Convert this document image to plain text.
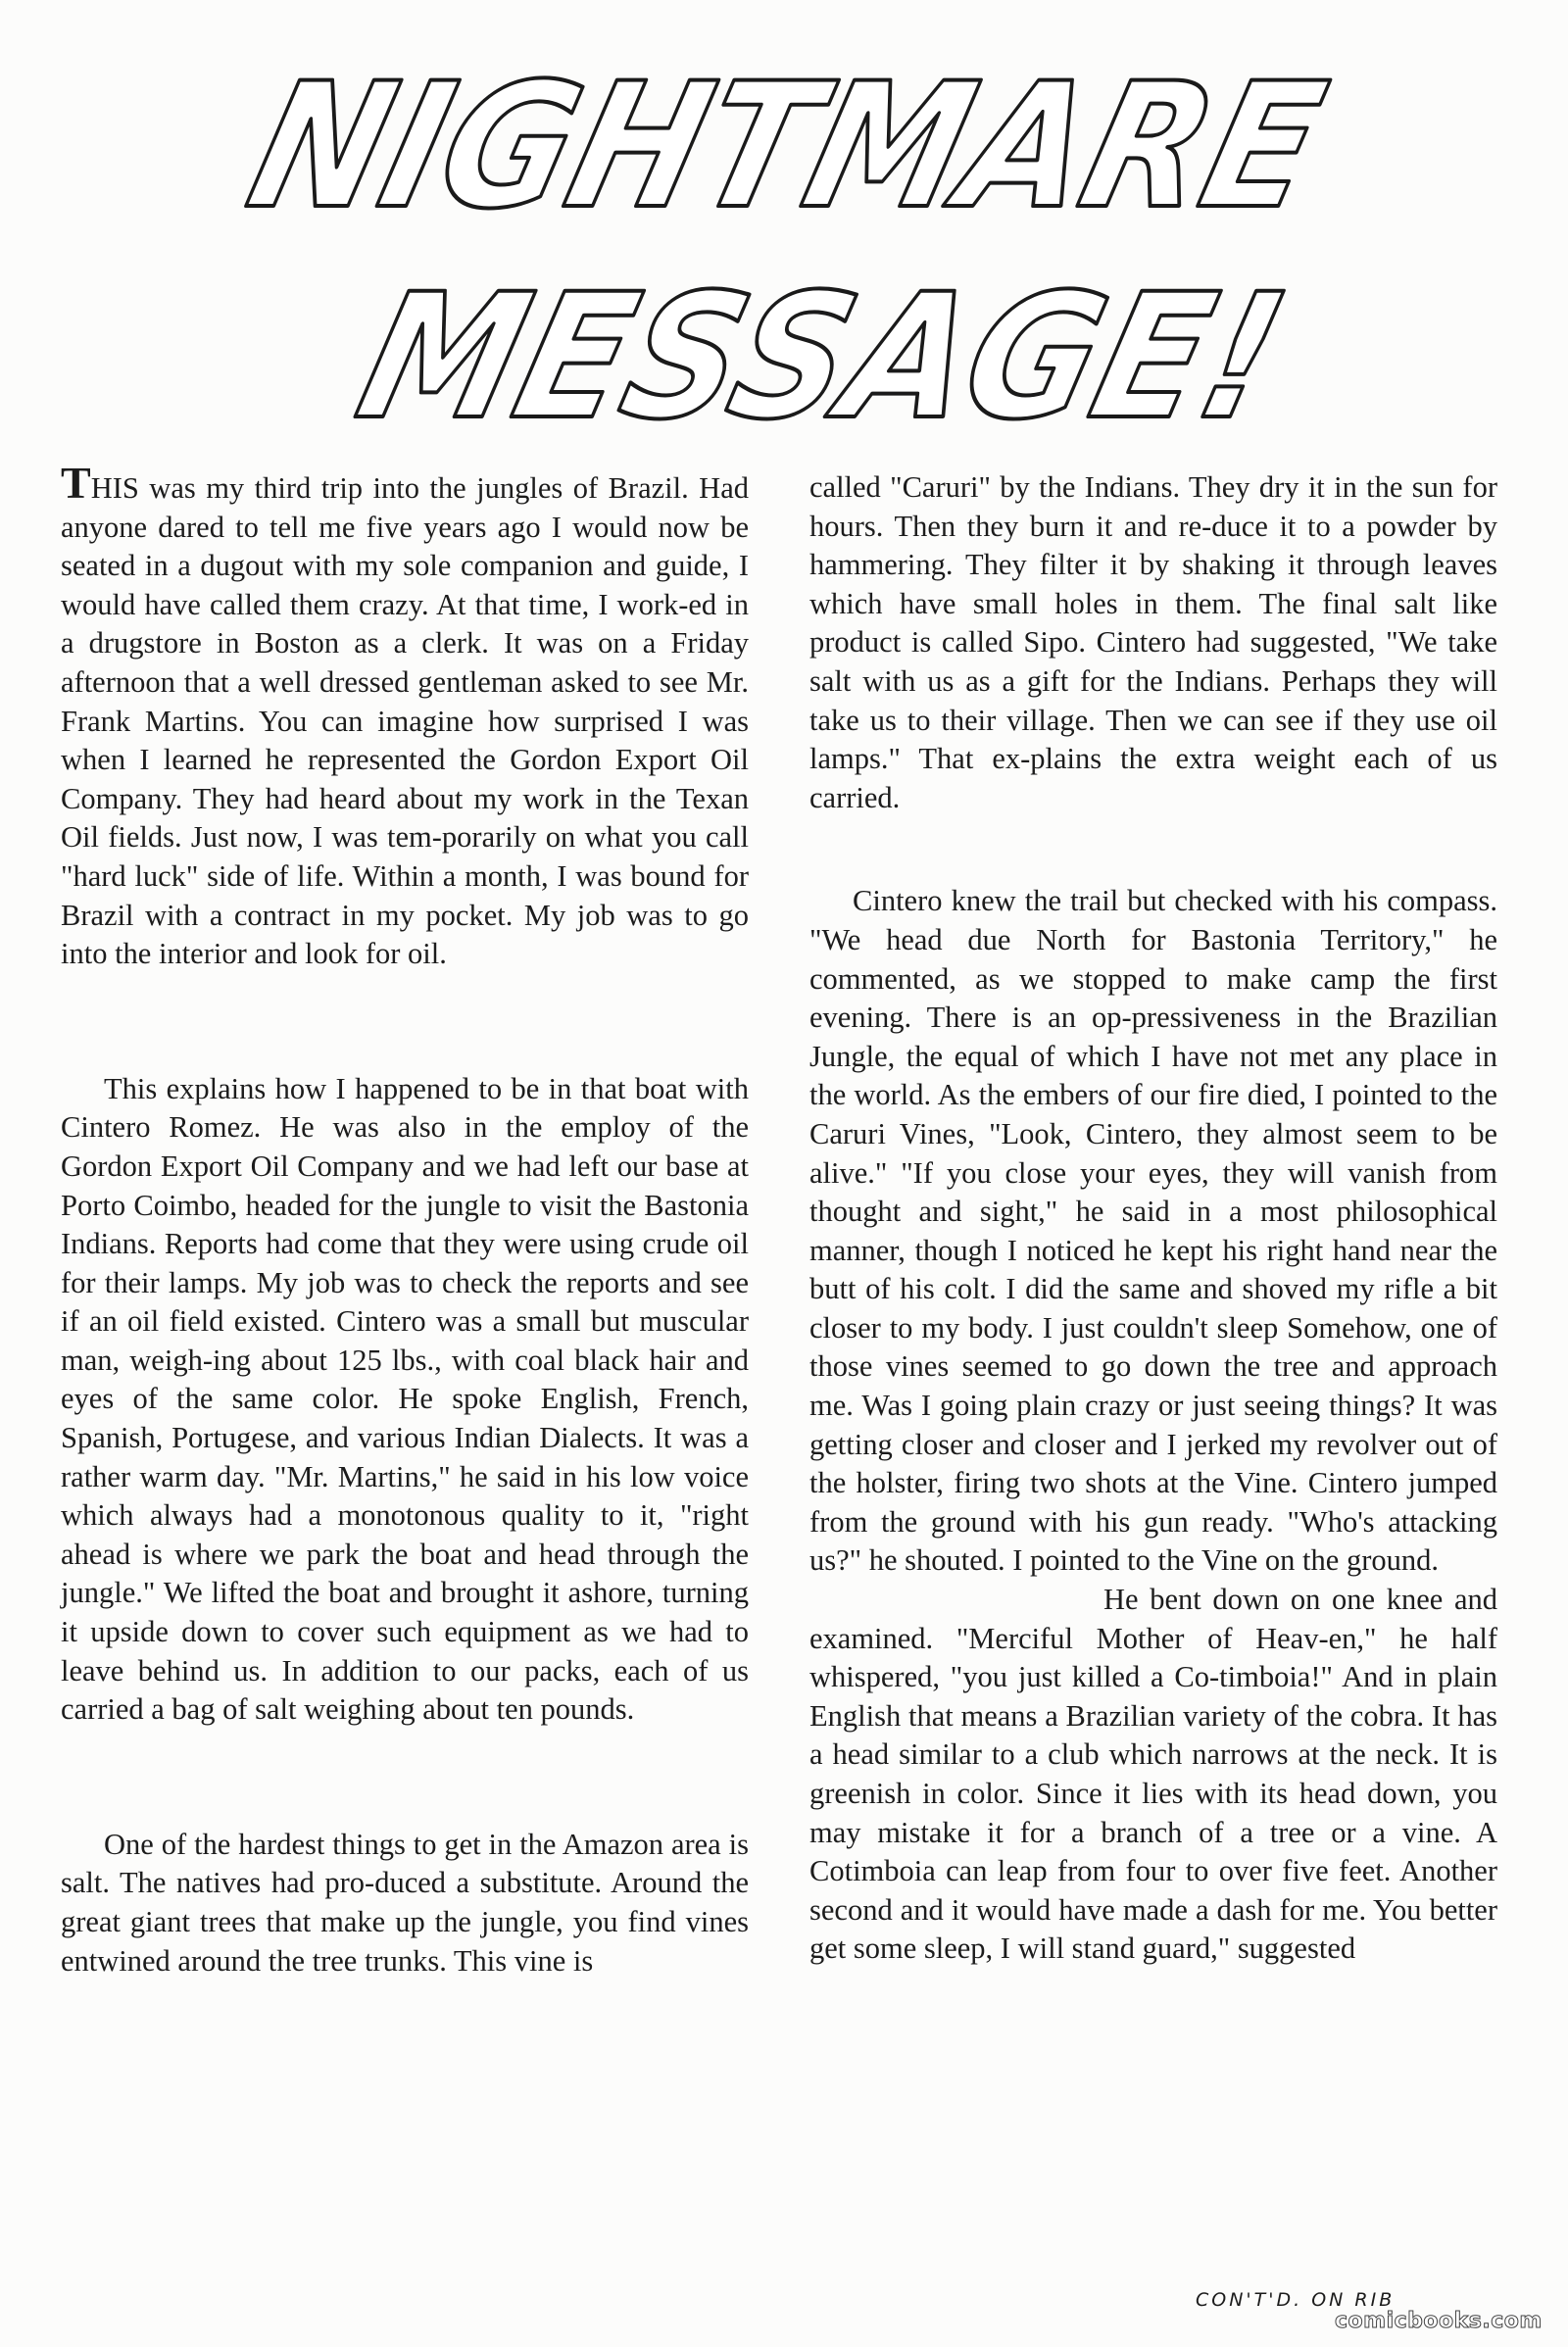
NIGHTMARE
MESSAGE!

THIS was my third trip into the jungles of Brazil. Had anyone dared to tell me five years ago I would now be seated in a dugout with my sole companion and guide, I would have called them crazy. At that time, I work-ed in a drugstore in Boston as a clerk. It was on a Friday afternoon that a well dressed gentleman asked to see Mr. Frank Martins. You can imagine how surprised I was when I learned he represented the Gordon Export Oil Company. They had heard about my work in the Texan Oil fields. Just now, I was tem-porarily on what you call "hard luck" side of life. Within a month, I was bound for Brazil with a contract in my pocket. My job was to go into the interior and look for oil.

This explains how I happened to be in that boat with Cintero Romez. He was also in the employ of the Gordon Export Oil Company and we had left our base at Porto Coimbo, headed for the jungle to visit the Bastonia Indians. Reports had come that they were using crude oil for their lamps. My job was to check the reports and see if an oil field existed. Cintero was a small but muscular man, weigh-ing about 125 lbs., with coal black hair and eyes of the same color. He spoke English, French, Spanish, Portugese, and various Indian Dialects. It was a rather warm day. "Mr. Martins," he said in his low voice which always had a monotonous quality to it, "right ahead is where we park the boat and head through the jungle." We lifted the boat and brought it ashore, turning it upside down to cover such equipment as we had to leave behind us. In addition to our packs, each of us carried a bag of salt weighing about ten pounds.

One of the hardest things to get in the Amazon area is salt. The natives had pro-duced a substitute. Around the great giant trees that make up the jungle, you find vines entwined around the tree trunks. This vine is

called "Caruri" by the Indians. They dry it in the sun for hours. Then they burn it and re-duce it to a powder by hammering. They filter it by shaking it through leaves which have small holes in them. The final salt like product is called Sipo. Cintero had suggested, "We take salt with us as a gift for the Indians. Perhaps they will take us to their village. Then we can see if they use oil lamps." That ex-plains the extra weight each of us carried.

Cintero knew the trail but checked with his compass. "We head due North for Bastonia Territory," he commented, as we stopped to make camp the first evening. There is an op-pressiveness in the Brazilian Jungle, the equal of which I have not met any place in the world. As the embers of our fire died, I pointed to the Caruri Vines, "Look, Cintero, they almost seem to be alive." "If you close your eyes, they will vanish from thought and sight," he said in a most philosophical manner, though I noticed he kept his right hand near the butt of his colt. I did the same and shoved my rifle a bit closer to my body. I just couldn't sleep Somehow, one of those vines seemed to go down the tree and approach me. Was I going plain crazy or just seeing things? It was getting closer and closer and I jerked my revolver out of the holster, firing two shots at the Vine. Cintero jumped from the ground with his gun ready. "Who's attacking us?" he shouted. I pointed to the Vine on the ground.

He bent down on one knee and examined. "Merciful Mother of Heav-en," he half whispered, "you just killed a Co-timboia!" And in plain English that means a Brazilian variety of the cobra. It has a head similar to a club which narrows at the neck. It is greenish in color. Since it lies with its head down, you may mistake it for a branch of a tree or a vine. A Cotimboia can leap from four to over five feet. Another second and it would have made a dash for me. You better get some sleep, I will stand guard," suggested

CON'T'D. ON RIB
comicbooks.com
